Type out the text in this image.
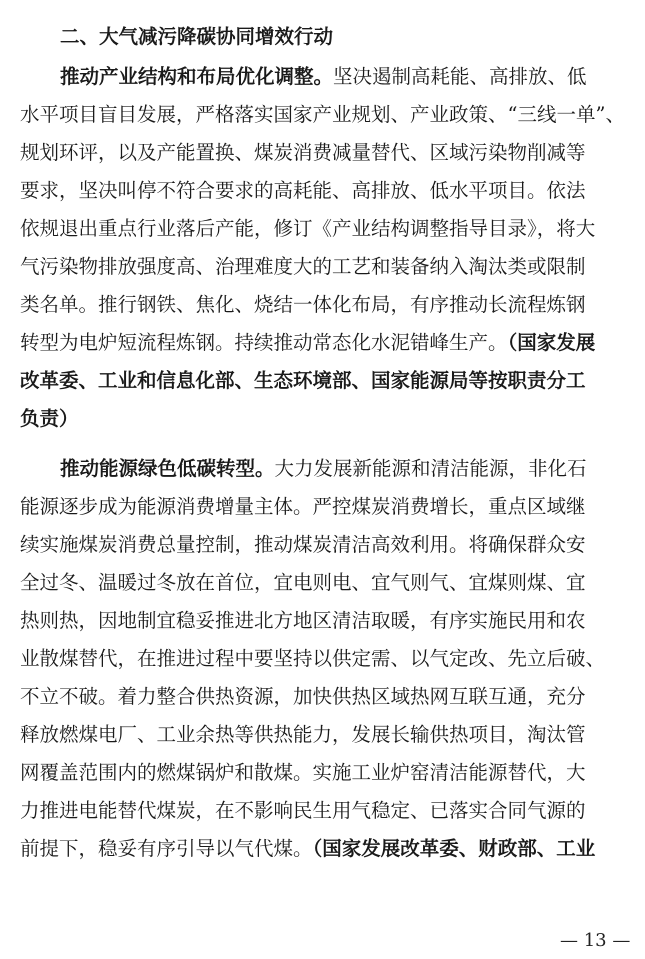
二、大气减污降碳协同增效行动
推动产业结构和布局优化调整。坚决遏制高耗能、高排放、低
水平项目盲目发展，严格落实国家产业规划、产业政策、“三线一单”、
规划环评，以及产能置换、煤炭消费减量替代、区域污染物削减等
要求，坚决叫停不符合要求的高耗能、高排放、低水平项目。依法
依规退出重点行业落后产能，修订《产业结构调整指导目录》，将大
气污染物排放强度高、治理难度大的工艺和装备纳入淘汰类或限制
类名单。推行钢铁、焦化、烧结一体化布局，有序推动长流程炼钢
转型为电炉短流程炼钢。持续推动常态化水泥错峰生产。（国家发展
改革委、工业和信息化部、生态环境部、国家能源局等按职责分工
负责）
推动能源绿色低碳转型。大力发展新能源和清洁能源，非化石
能源逐步成为能源消费增量主体。严控煤炭消费增长，重点区域继
续实施煤炭消费总量控制，推动煤炭清洁高效利用。将确保群众安
全过冬、温暖过冬放在首位，宜电则电、宜气则气、宜煤则煤、宜
热则热，因地制宜稳妥推进北方地区清洁取暖，有序实施民用和农
业散煤替代，在推进过程中要坚持以供定需、以气定改、先立后破、
不立不破。着力整合供热资源，加快供热区域热网互联互通，充分
释放燃煤电厂、工业余热等供热能力，发展长输供热项目，淘汰管
网覆盖范围内的燃煤锅炉和散煤。实施工业炉窑清洁能源替代，大
力推进电能替代煤炭，在不影响民生用气稳定、已落实合同气源的
前提下，稳妥有序引导以气代煤。（国家发展改革委、财政部、工业
— 13 —
